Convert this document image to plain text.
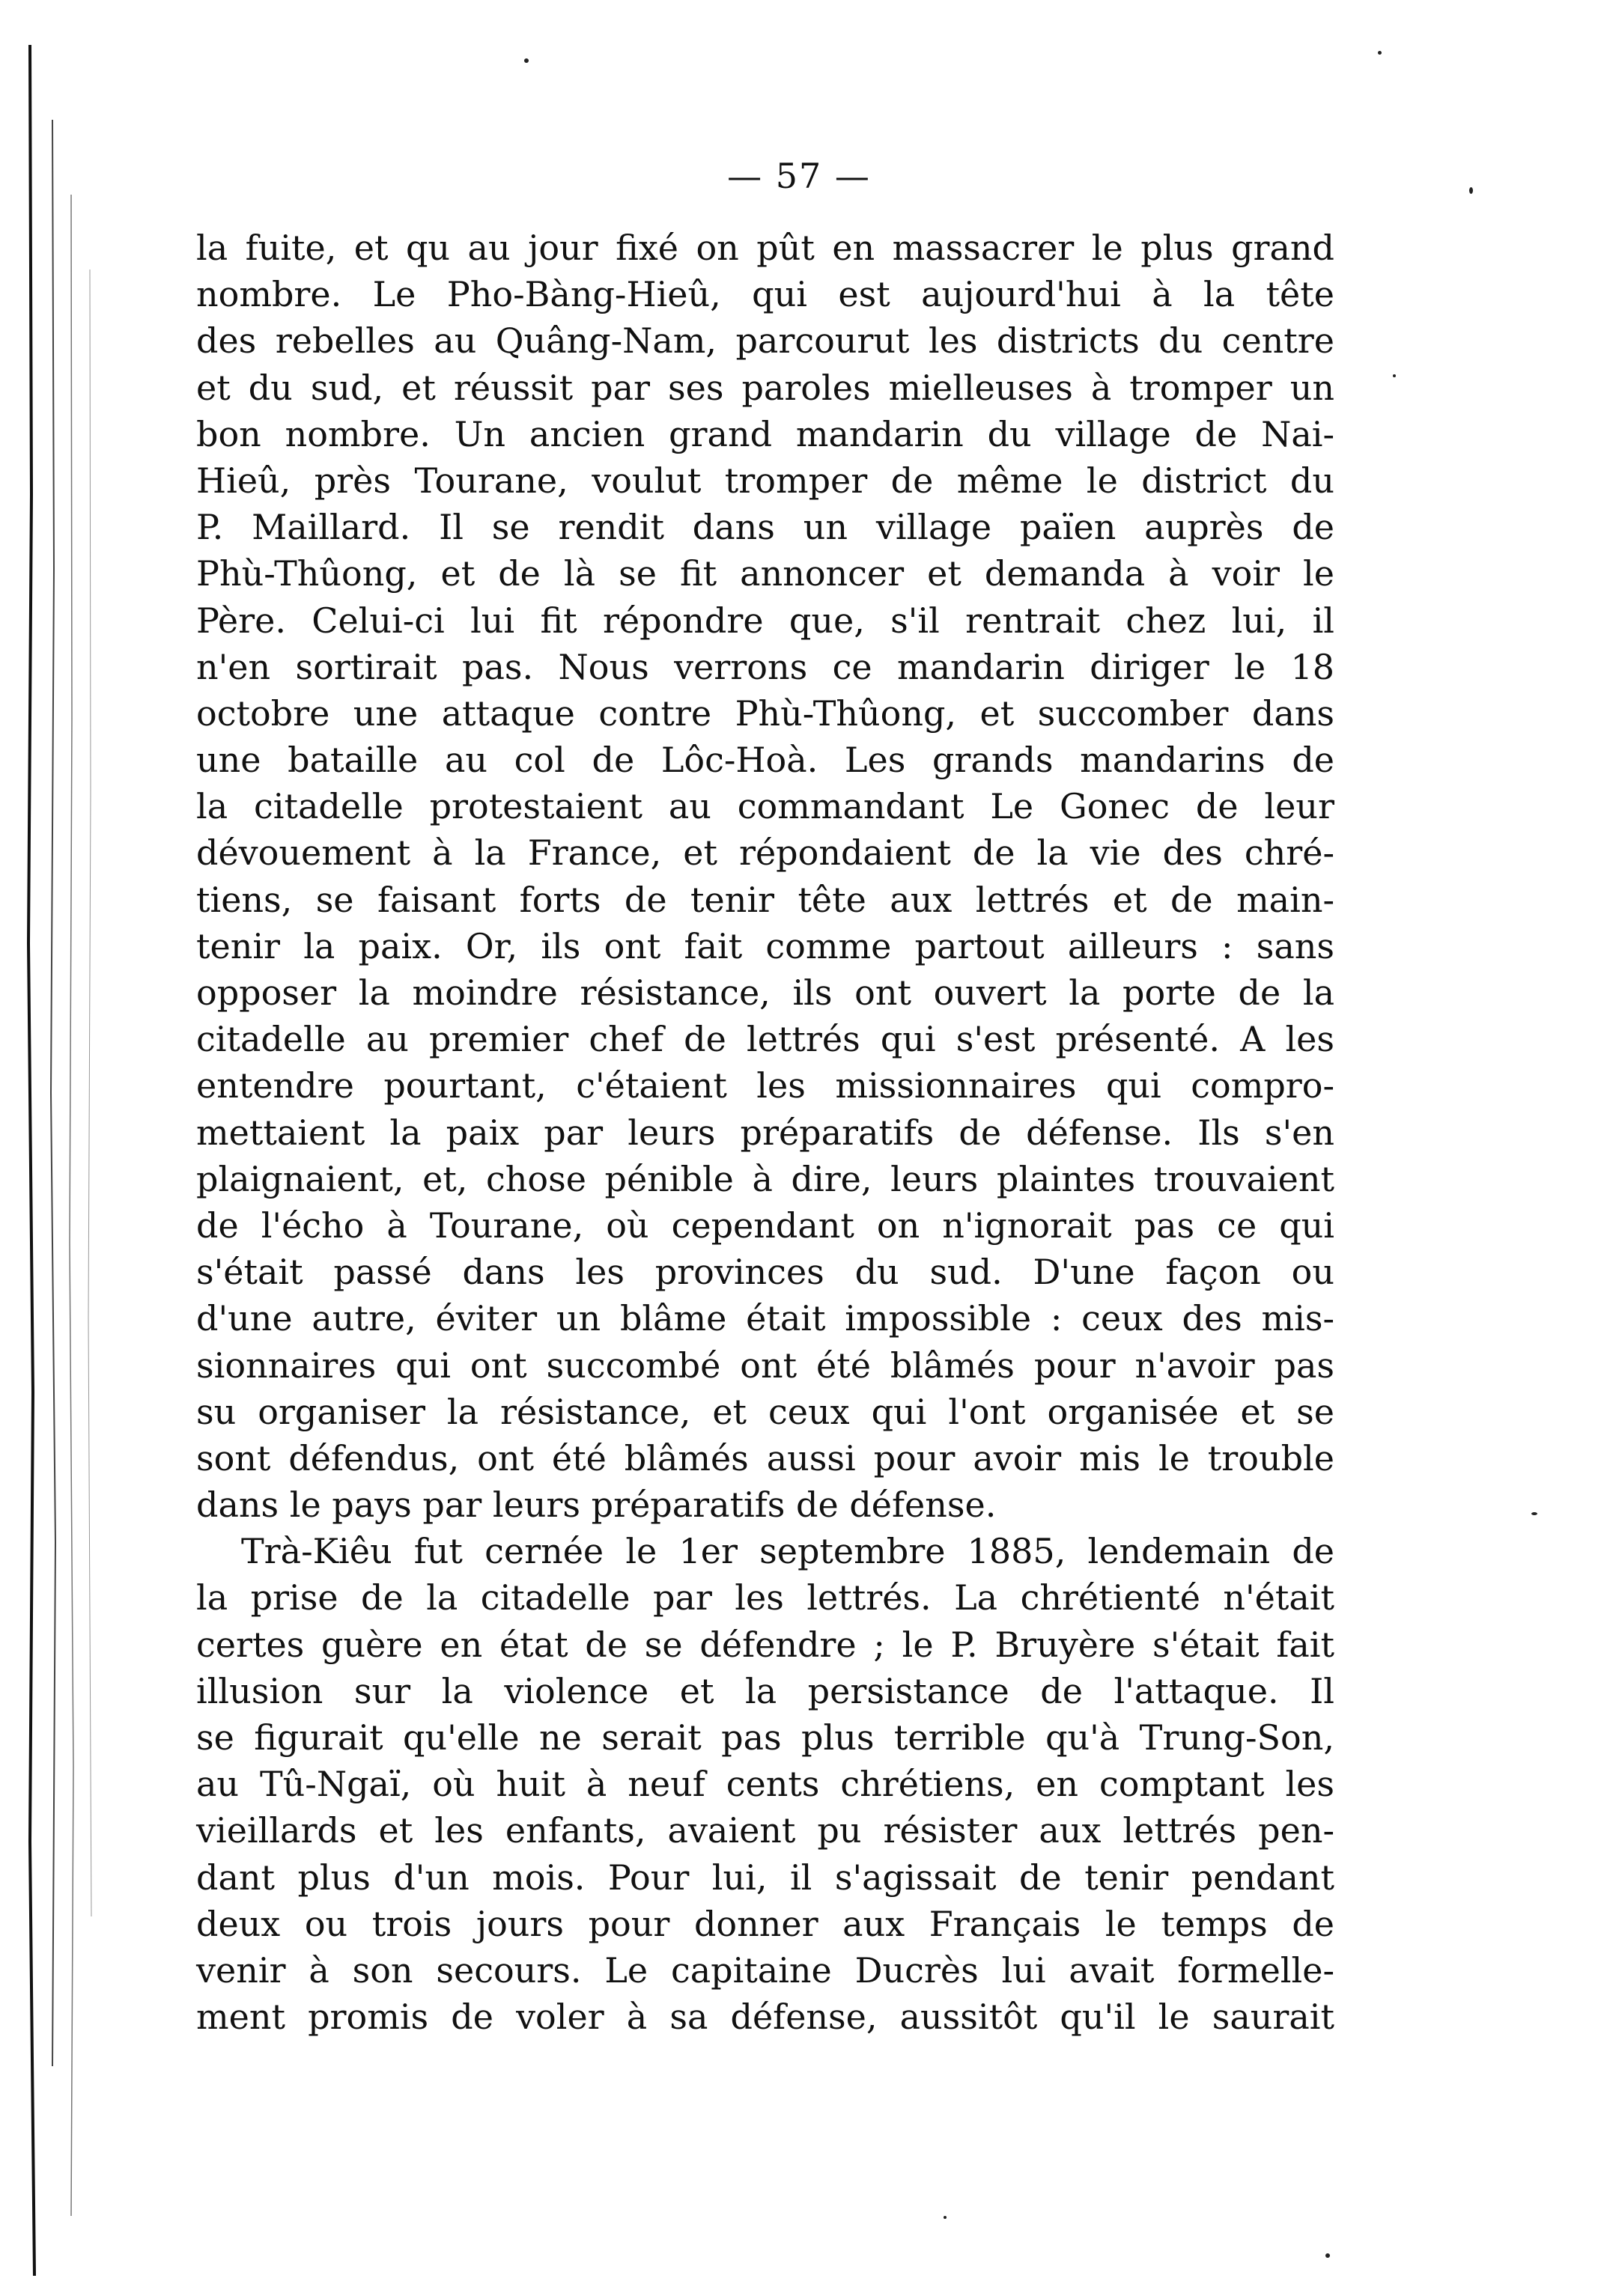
— 57 —
la fuite, et qu au jour fixé on pût en massacrer le plus grand
nombre. Le Pho-Bàng-Hieû, qui est aujourd'hui à la tête
des rebelles au Quâng-Nam, parcourut les districts du centre
et du sud, et réussit par ses paroles mielleuses à tromper un
bon nombre. Un ancien grand mandarin du village de Nai-
Hieû, près Tourane, voulut tromper de même le district du
P. Maillard. Il se rendit dans un village païen auprès de
Phù-Thûong, et de là se fit annoncer et demanda à voir le
Père. Celui-ci lui fit répondre que, s'il rentrait chez lui, il
n'en sortirait pas. Nous verrons ce mandarin diriger le 18
octobre une attaque contre Phù-Thûong, et succomber dans
une bataille au col de Lôc-Hoà. Les grands mandarins de
la citadelle protestaient au commandant Le Gonec de leur
dévouement à la France, et répondaient de la vie des chré-
tiens, se faisant forts de tenir tête aux lettrés et de main-
tenir la paix. Or, ils ont fait comme partout ailleurs : sans
opposer la moindre résistance, ils ont ouvert la porte de la
citadelle au premier chef de lettrés qui s'est présenté. A les
entendre pourtant, c'étaient les missionnaires qui compro-
mettaient la paix par leurs préparatifs de défense. Ils s'en
plaignaient, et, chose pénible à dire, leurs plaintes trouvaient
de l'écho à Tourane, où cependant on n'ignorait pas ce qui
s'était passé dans les provinces du sud. D'une façon ou
d'une autre, éviter un blâme était impossible : ceux des mis-
sionnaires qui ont succombé ont été blâmés pour n'avoir pas
su organiser la résistance, et ceux qui l'ont organisée et se
sont défendus, ont été blâmés aussi pour avoir mis le trouble
dans le pays par leurs préparatifs de défense.
Trà-Kiêu fut cernée le 1er septembre 1885, lendemain de
la prise de la citadelle par les lettrés. La chrétienté n'était
certes guère en état de se défendre ; le P. Bruyère s'était fait
illusion sur la violence et la persistance de l'attaque. Il
se figurait qu'elle ne serait pas plus terrible qu'à Trung-Son,
au Tû-Ngaï, où huit à neuf cents chrétiens, en comptant les
vieillards et les enfants, avaient pu résister aux lettrés pen-
dant plus d'un mois. Pour lui, il s'agissait de tenir pendant
deux ou trois jours pour donner aux Français le temps de
venir à son secours. Le capitaine Ducrès lui avait formelle-
ment promis de voler à sa défense, aussitôt qu'il le saurait
